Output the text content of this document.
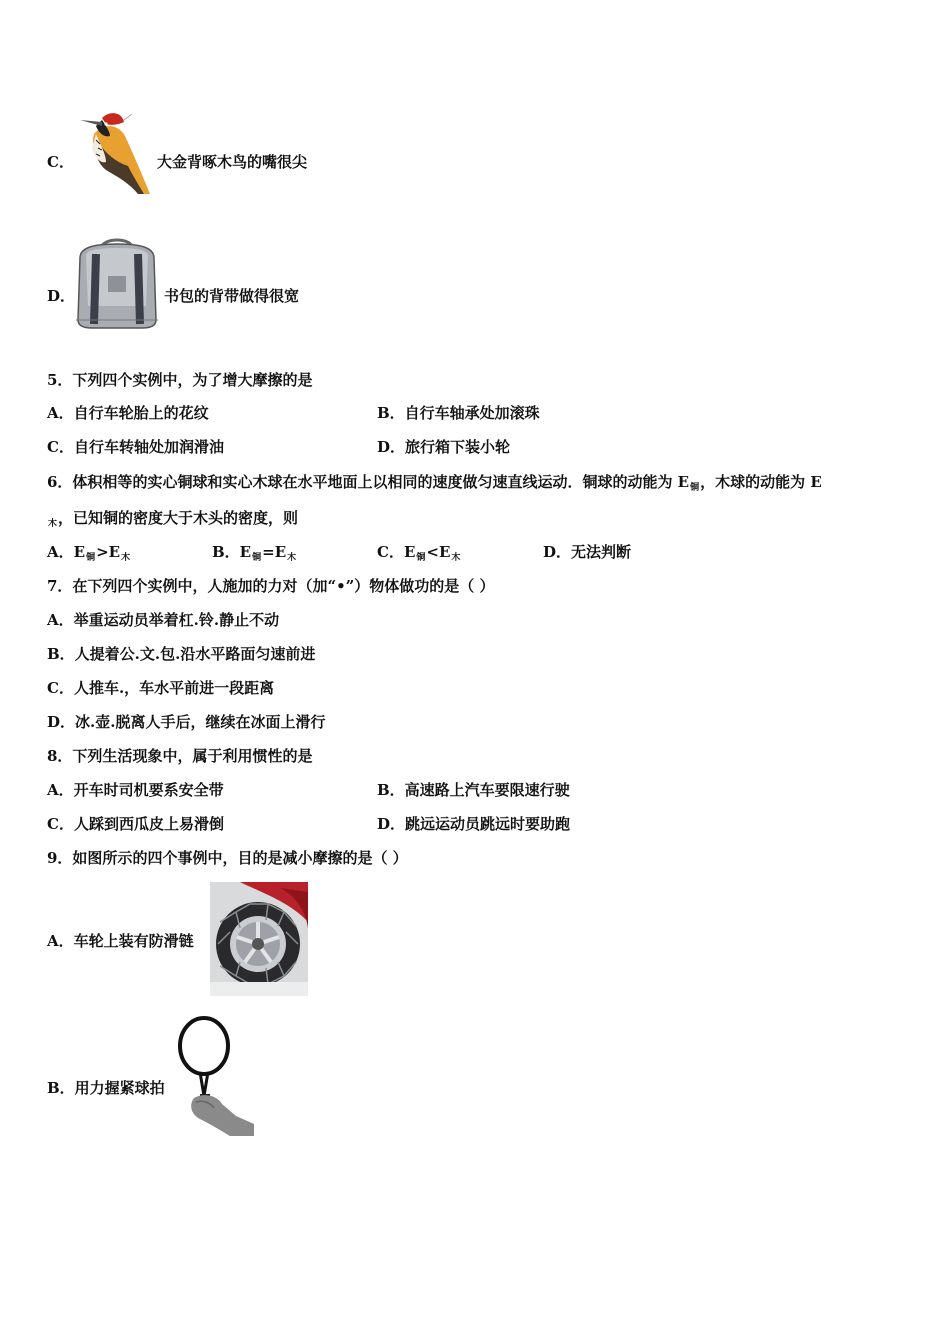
C．	大金背啄木鸟的嘴很尖
D．	书包的背带做得很宽
5．下列四个实例中，为了增大摩擦的是
A．自行车轮胎上的花纹	B．自行车轴承处加滚珠
C．自行车转轴处加润滑油	D．旅行箱下装小轮
6．体积相等的实心铜球和实心木球在水平地面上以相同的速度做匀速直线运动．铜球的动能为 $E_铜$，木球的动能为 E
$_木$，已知铜的密度大于木头的密度，则
A．$E_铜>E_木$	B．$E_铜=E_木$	C．$E_铜<E_木$	D．无法判断
7．在下列四个实例中，人施加的力对（加“•”）物体做功的是（ ）
A．举重运动员举着杠.铃.静止不动
B．人提着公.文.包.沿水平路面匀速前进
C．人推车.，车水平前进一段距离
D．冰.壶.脱离人手后，继续在冰面上滑行
8．下列生活现象中，属于利用惯性的是
A．开车时司机要系安全带	B．高速路上汽车要限速行驶
C．人踩到西瓜皮上易滑倒	D．跳远运动员跳远时要助跑
9．如图所示的四个事例中，目的是减小摩擦的是（ ）
A．车轮上装有防滑链
B．用力握紧球拍
